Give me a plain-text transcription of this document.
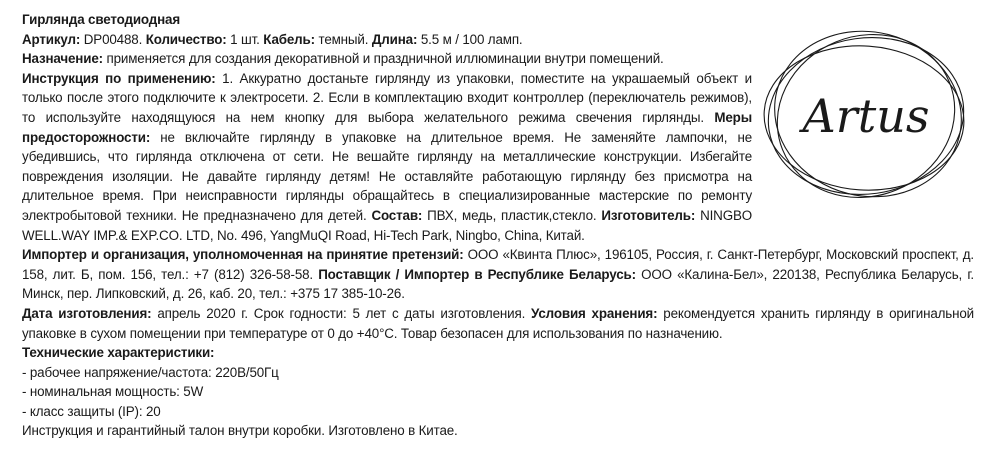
Гирлянда светодиодная

Артикул: DP00488. Количество: 1 шт. Кабель: темный. Длина: 5.5 м / 100 ламп.

Назначение: применяется для создания декоративной и праздничной иллюминации внутри помещений.

Инструкция по применению: 1. Аккуратно достаньте гирлянду из упаковки, поместите на украшаемый объект и только после этого подключите к электросети. 2. Если в комплектацию входит контроллер (переключатель режимов), то используйте находящуюся на нем кнопку для выбора желательного режима свечения гирлянды. Меры предосторожности: не включайте гирлянду в упаковке на длительное время. Не заменяйте лампочки, не убедившись, что гирлянда отключена от сети. Не вешайте гирлянду на металлические конструкции. Избегайте повреждения изоляции. Не давайте гирлянду детям! Не оставляйте работающую гирлянду без присмотра на длительное время. При неисправности гирлянды обращайтесь в специализированные мастерские по ремонту электробытовой техники. Не предназначено для детей. Состав: ПВХ, медь, пластик,стекло. Изготовитель: NINGBO WELL.WAY IMP.& EXP.CO. LTD, No. 496, YangMuQI Road, Hi-Tech Park, Ningbo, China, Китай.

Импортер и организация, уполномоченная на принятие претензий: ООО «Квинта Плюс», 196105, Россия, г. Санкт-Петербург, Московский проспект, д. 158, лит. Б, пом. 156, тел.: +7 (812) 326-58-58. Поставщик / Импортер в Республике Беларусь: ООО «Калина-Бел», 220138, Республика Беларусь, г. Минск, пер. Липковский, д. 26, каб. 20, тел.: +375 17 385-10-26.

Дата изготовления: апрель 2020 г. Срок годности: 5 лет с даты изготовления. Условия хранения: рекомендуется хранить гирлянду в оригинальной упаковке в сухом помещении при температуре от 0 до +40°С. Товар безопасен для использования по назначению.

Технические характеристики:

- рабочее напряжение/частота: 220В/50Гц

- номинальная мощность: 5W

- класс защиты (IP): 20

Инструкция и гарантийный талон внутри коробки. Изготовлено в Китае.

Artus
